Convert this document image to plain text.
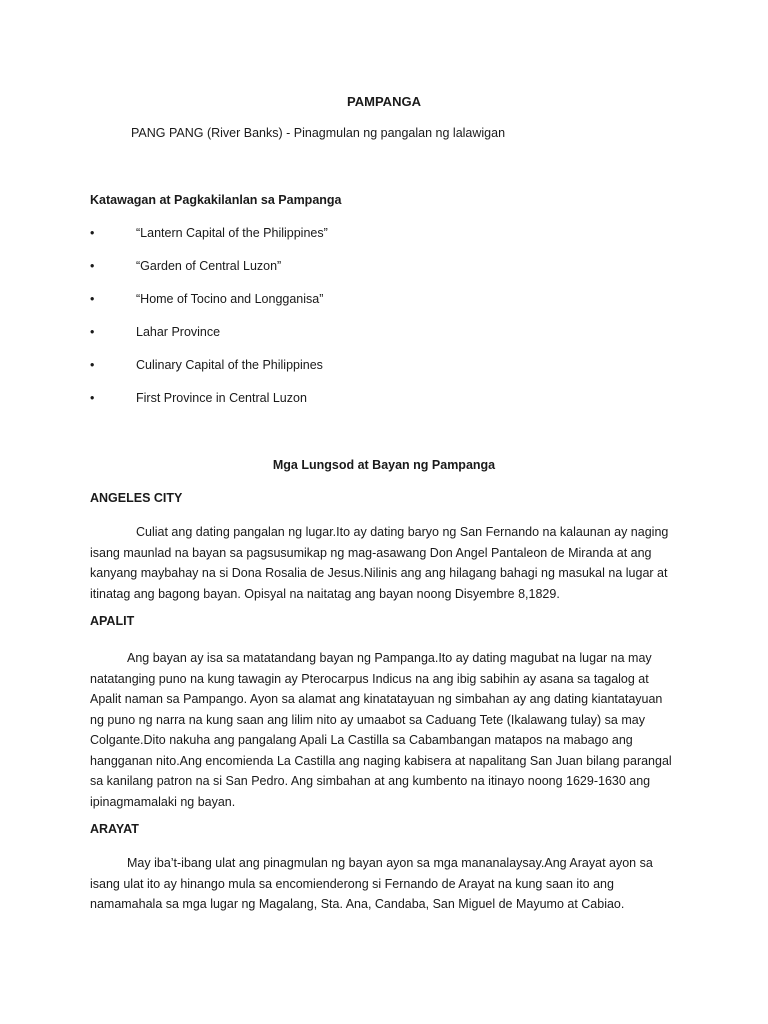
PAMPANGA
PANG PANG (River Banks) - Pinagmulan ng pangalan ng lalawigan
Katawagan at Pagkakilanlan sa Pampanga
•	“Lantern Capital of the Philippines”
•	“Garden of Central Luzon”
•	“Home of Tocino and Longganisa”
•	Lahar Province
•	Culinary Capital of the Philippines
•	First Province in Central Luzon
Mga Lungsod at Bayan ng Pampanga
ANGELES CITY
Culiat ang dating pangalan ng lugar.Ito ay dating baryo ng San Fernando na kalaunan ay naging
isang maunlad na bayan sa pagsusumikap ng mag-asawang Don Angel Pantaleon de Miranda at ang
kanyang maybahay na si Dona Rosalia de Jesus.Nilinis ang ang hilagang bahagi ng masukal na lugar at
itinatag ang bagong bayan. Opisyal na naitatag ang bayan noong Disyembre 8,1829.
APALIT
Ang bayan ay isa sa matatandang bayan ng Pampanga.Ito ay dating magubat na lugar na may
natatanging puno na kung tawagin ay Pterocarpus Indicus na ang ibig sabihin ay asana sa tagalog at
Apalit naman sa Pampango. Ayon sa alamat ang kinatatayuan ng simbahan ay ang dating kiantatayuan
ng puno ng narra na kung saan ang lilim nito ay umaabot sa Caduang Tete (Ikalawang tulay) sa may
Colgante.Dito nakuha ang pangalang Apali La Castilla sa Cabambangan matapos na mabago ang
hangganan nito.Ang encomienda La Castilla ang naging kabisera at napalitang San Juan bilang parangal
sa kanilang patron na si San Pedro. Ang simbahan at ang kumbento na itinayo noong 1629-1630 ang
ipinagmamalaki ng bayan.
ARAYAT
May iba’t-ibang ulat ang pinagmulan ng bayan ayon sa mga mananalaysay.Ang Arayat ayon sa
isang ulat ito ay hinango mula sa encomienderong si Fernando de Arayat na kung saan ito ang
namamahala sa mga lugar ng Magalang, Sta. Ana, Candaba, San Miguel de Mayumo at Cabiao.
